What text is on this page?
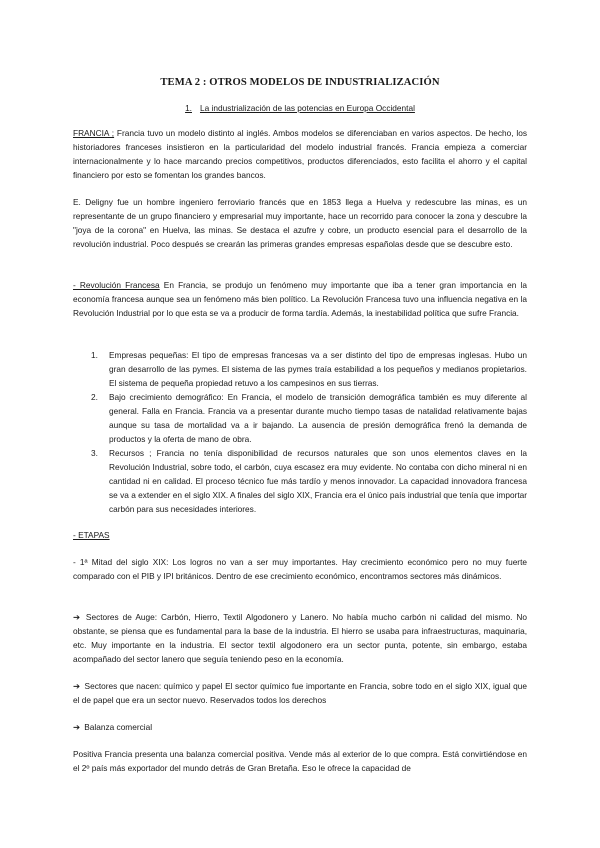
TEMA 2 : OTROS MODELOS DE INDUSTRIALIZACIÓN
1. La industrialización de las potencias en Europa Occidental

FRANCIA ; Francia tuvo un modelo distinto al inglés. Ambos modelos se diferenciaban en varios aspectos. De hecho, los historiadores franceses insistieron en la particularidad del modelo industrial francés. Francia empieza a comerciar internacionalmente y lo hace marcando precios competitivos, productos diferenciados, esto facilita el ahorro y el capital financiero por esto se fomentan los grandes bancos.

E. Deligny fue un hombre ingeniero ferroviario francés que en 1853 llega a Huelva y redescubre las minas, es un representante de un grupo financiero y empresarial muy importante, hace un recorrido para conocer la zona y descubre la "joya de la corona" en Huelva, las minas. Se destaca el azufre y cobre, un producto esencial para el desarrollo de la revolución industrial. Poco después se crearán las primeras grandes empresas españolas desde que se descubre esto.

- Revolución Francesa En Francia, se produjo un fenómeno muy importante que iba a tener gran importancia en la economía francesa aunque sea un fenómeno más bien político. La Revolución Francesa tuvo una influencia negativa en la Revolución Industrial por lo que esta se va a producir de forma tardía. Además, la inestabilidad política que sufre Francia.

1. Empresas pequeñas: El tipo de empresas francesas va a ser distinto del tipo de empresas inglesas. Hubo un gran desarrollo de las pymes. El sistema de las pymes traía estabilidad a los pequeños y medianos propietarios. El sistema de pequeña propiedad retuvo a los campesinos en sus tierras.
2. Bajo crecimiento demográfico: En Francia, el modelo de transición demográfica también es muy diferente al general. Falla en Francia. Francia va a presentar durante mucho tiempo tasas de natalidad relativamente bajas aunque su tasa de mortalidad va a ir bajando. La ausencia de presión demográfica frenó la demanda de productos y la oferta de mano de obra.
3. Recursos ; Francia no tenía disponibilidad de recursos naturales que son unos elementos claves en la Revolución Industrial, sobre todo, el carbón, cuya escasez era muy evidente. No contaba con dicho mineral ni en cantidad ni en calidad. El proceso técnico fue más tardío y menos innovador. La capacidad innovadora francesa se va a extender en el siglo XIX. A finales del siglo XIX, Francia era el único país industrial que tenía que importar carbón para sus necesidades interiores.

- ETAPAS

- 1ª Mitad del siglo XIX: Los logros no van a ser muy importantes. Hay crecimiento económico pero no muy fuerte comparado con el PIB y IPI británicos. Dentro de ese crecimiento económico, encontramos sectores más dinámicos.

➔ Sectores de Auge: Carbón, Hierro, Textil Algodonero y Lanero. No había mucho carbón ni calidad del mismo. No obstante, se piensa que es fundamental para la base de la industria. El hierro se usaba para infraestructuras, maquinaria, etc. Muy importante en la industria. El sector textil algodonero era un sector punta, potente, sin embargo, estaba acompañado del sector lanero que seguía teniendo peso en la economía.

➔ Sectores que nacen: químico y papel El sector químico fue importante en Francia, sobre todo en el siglo XIX, igual que el de papel que era un sector nuevo. Reservados todos los derechos

➔ Balanza comercial

Positiva Francia presenta una balanza comercial positiva. Vende más al exterior de lo que compra. Está convirtiéndose en el 2º país más exportador del mundo detrás de Gran Bretaña. Eso le ofrece la capacidad de
